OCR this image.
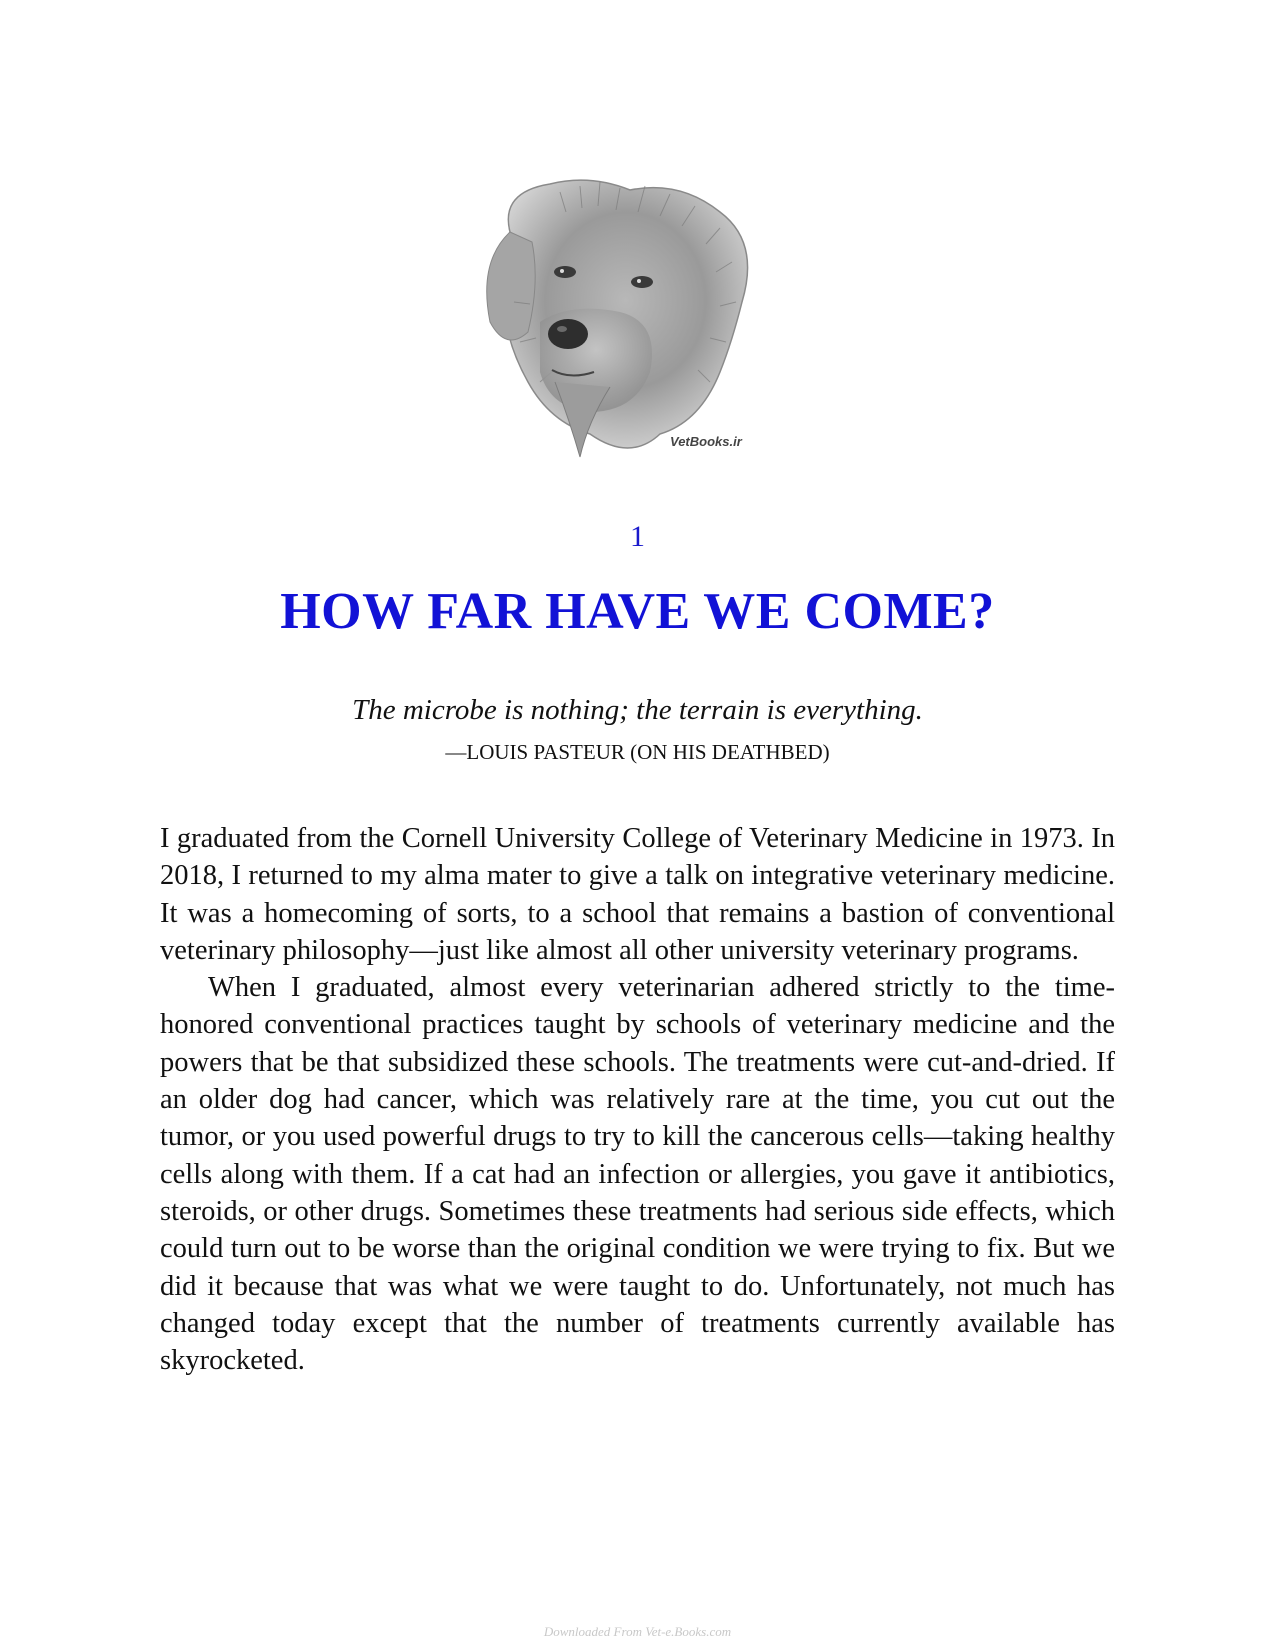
VetBooks.ir
1
HOW FAR HAVE WE COME?
The microbe is nothing; the terrain is everything.
—LOUIS PASTEUR (ON HIS DEATHBED)

I graduated from the Cornell University College of Veterinary Medicine in 1973. In 2018, I returned to my alma mater to give a talk on integrative veterinary medicine. It was a homecoming of sorts, to a school that remains a bastion of conventional veterinary philosophy—just like almost all other university veterinary programs.

When I graduated, almost every veterinarian adhered strictly to the time-honored conventional practices taught by schools of veterinary medicine and the powers that be that subsidized these schools. The treatments were cut-and-dried. If an older dog had cancer, which was relatively rare at the time, you cut out the tumor, or you used powerful drugs to try to kill the cancerous cells—taking healthy cells along with them. If a cat had an infection or allergies, you gave it antibiotics, steroids, or other drugs. Sometimes these treatments had serious side effects, which could turn out to be worse than the original condition we were trying to fix. But we did it because that was what we were taught to do. Unfortunately, not much has changed today except that the number of treatments currently available has skyrocketed.

Downloaded From Vet-e.Books.com
